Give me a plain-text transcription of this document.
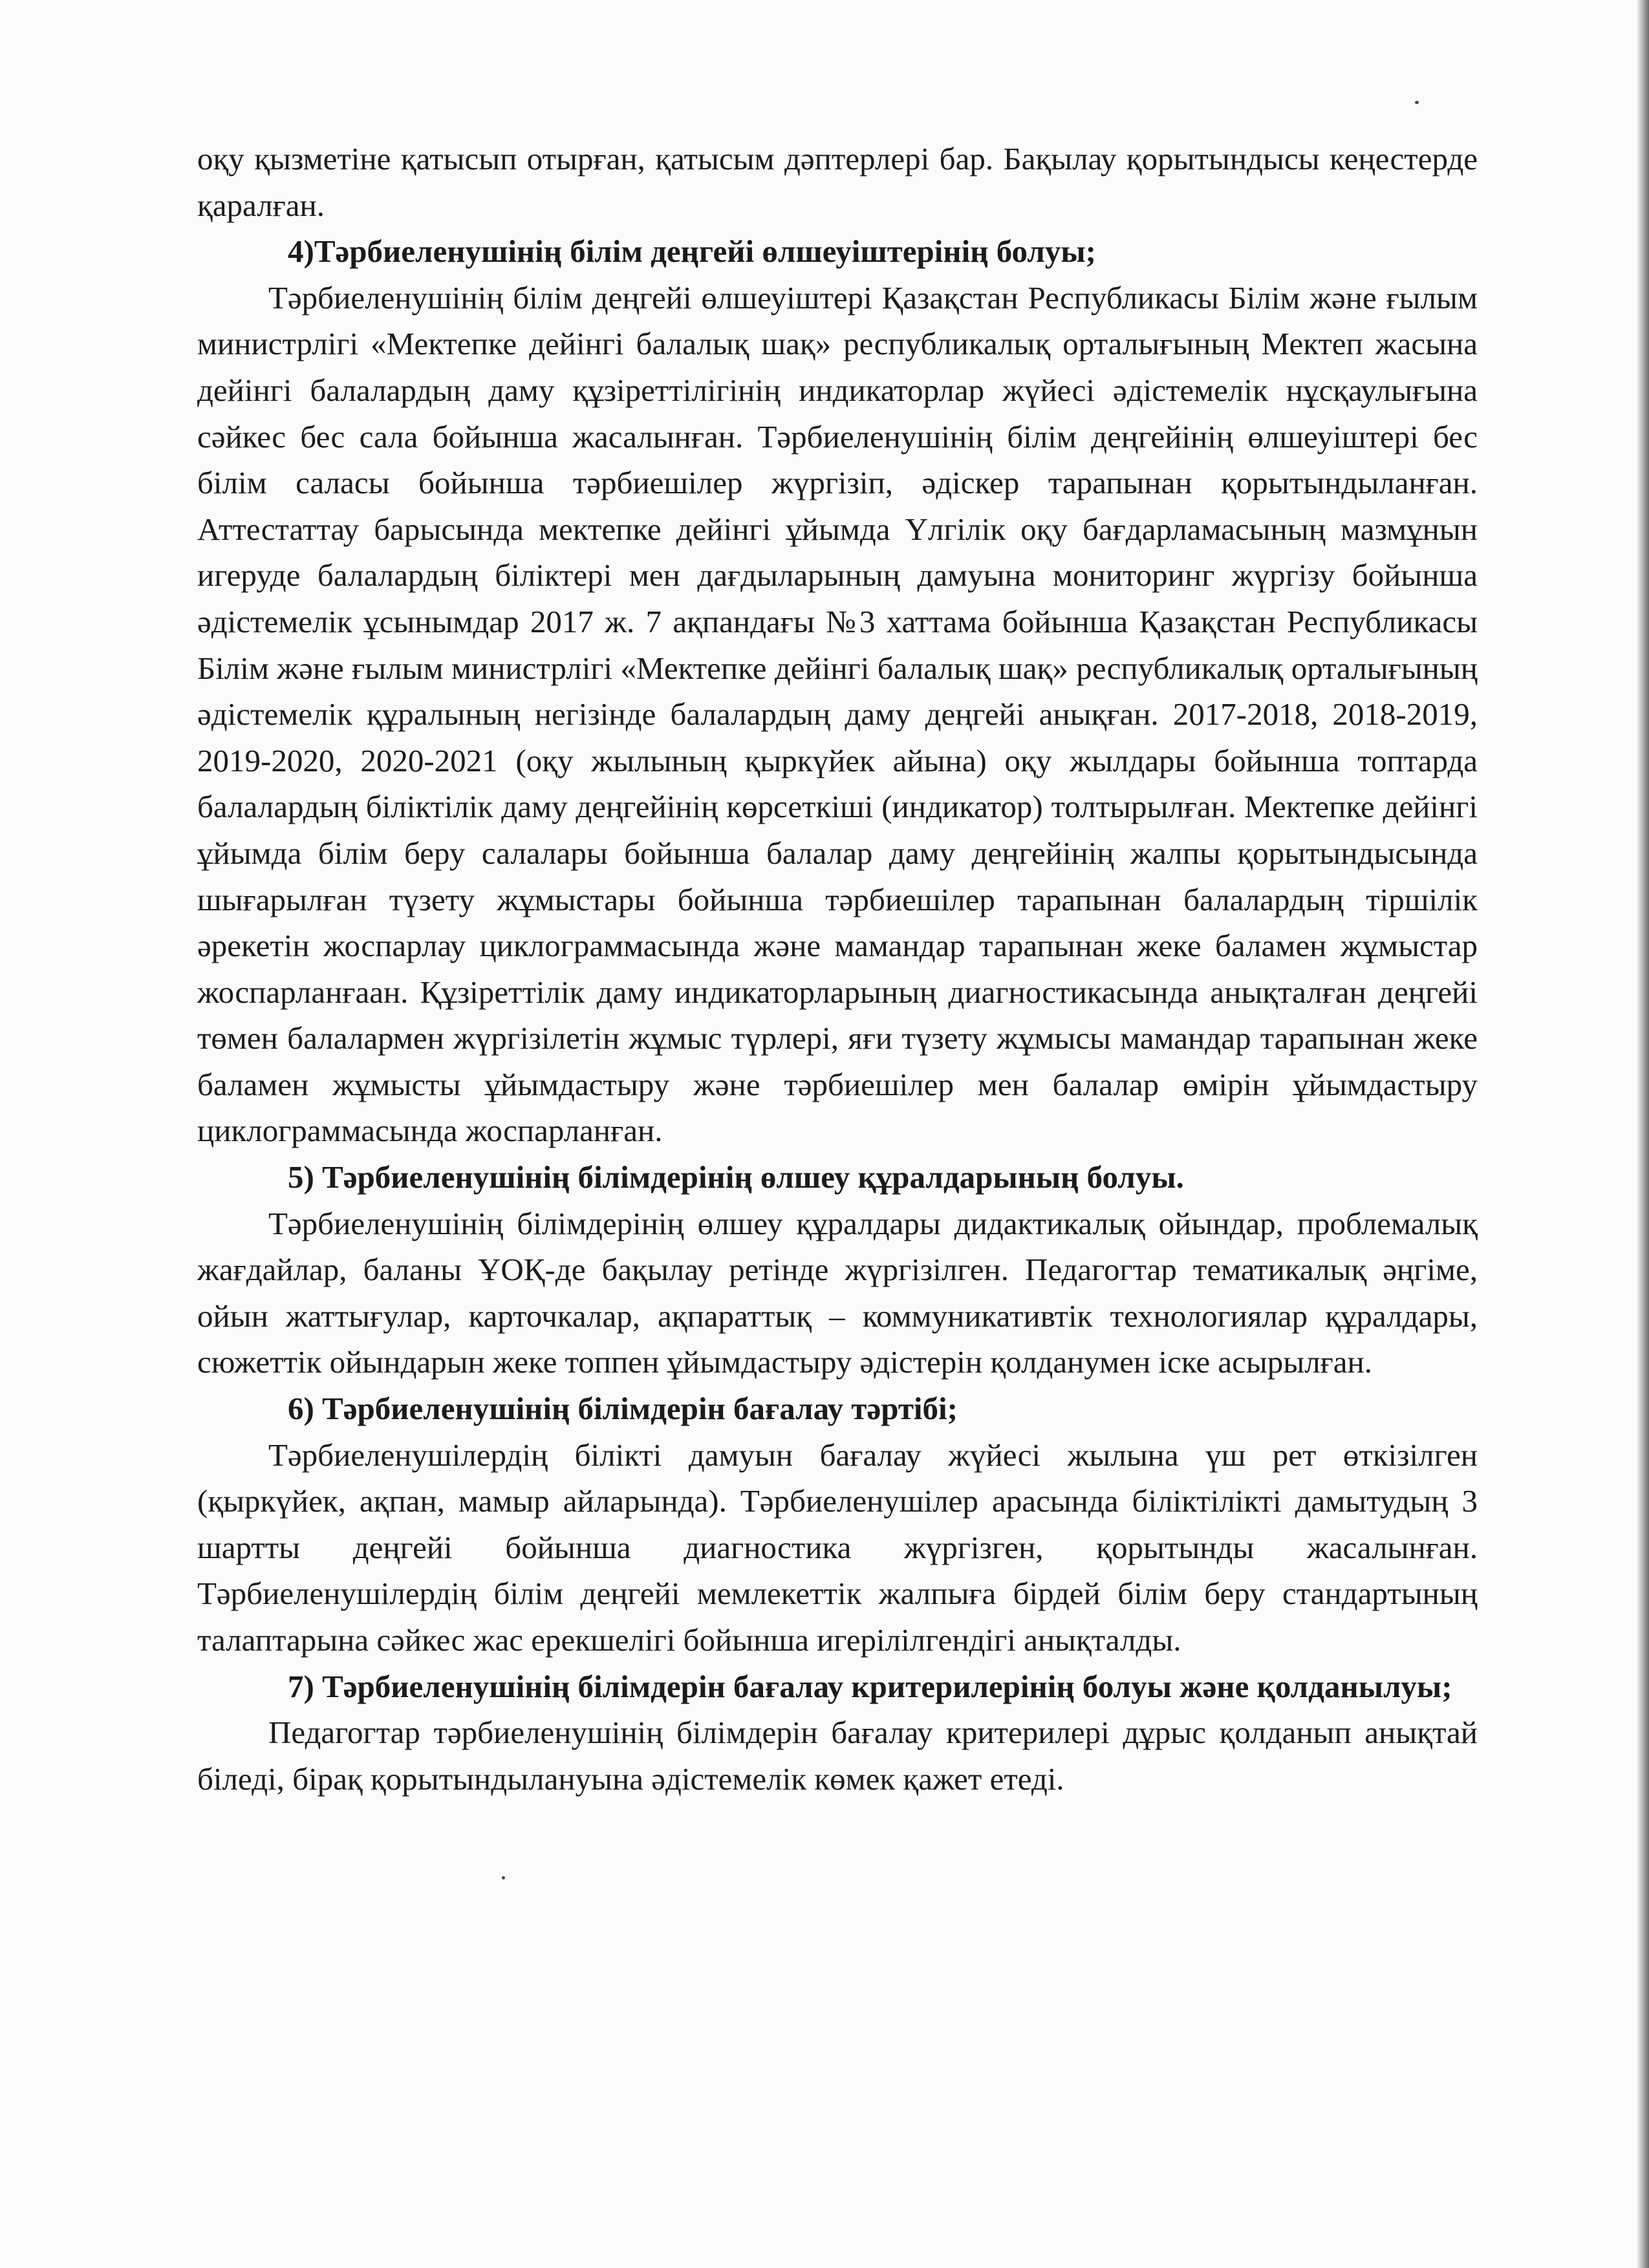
оқу қызметіне қатысып отырған, қатысым дәптерлері бар. Бақылау қорытындысы кеңестерде қаралған.

4)Тәрбиеленушінің білім деңгейі өлшеуіштерінің болуы;

Тәрбиеленушінің білім деңгейі өлшеуіштері Қазақстан Республикасы Білім және ғылым министрлігі «Мектепке дейінгі балалық шақ» республикалық орталығының Мектеп жасына дейінгі балалардың даму құзіреттілігінің индикаторлар жүйесі әдістемелік нұсқаулығына сәйкес бес сала бойынша жасалынған. Тәрбиеленушінің білім деңгейінің өлшеуіштері бес білім саласы бойынша тәрбиешілер жүргізіп, әдіскер тарапынан қорытындыланған. Аттестаттау барысында мектепке дейінгі ұйымда Үлгілік оқу бағдарламасының мазмұнын игеруде балалардың біліктері мен дағдыларының дамуына мониторинг жүргізу бойынша әдістемелік ұсынымдар 2017 ж. 7 ақпандағы №3 хаттама бойынша Қазақстан Республикасы Білім және ғылым министрлігі «Мектепке дейінгі балалық шақ» республикалық орталығының әдістемелік құралының негізінде балалардың даму деңгейі анықған. 2017-2018, 2018-2019, 2019-2020, 2020-2021 (оқу жылының қыркүйек айына) оқу жылдары бойынша топтарда балалардың біліктілік даму деңгейінің көрсеткіші (индикатор) толтырылған. Мектепке дейінгі ұйымда білім беру салалары бойынша балалар даму деңгейінің жалпы қорытындысында шығарылған түзету жұмыстары бойынша тәрбиешілер тарапынан балалардың тіршілік әрекетін жоспарлау циклограммасында және мамандар тарапынан жеке баламен жұмыстар жоспарланғаан. Құзіреттілік даму индикаторларының диагностикасында анықталған деңгейі төмен балалармен жүргізілетін жұмыс түрлері, яғи түзету жұмысы мамандар тарапынан жеке баламен жұмысты ұйымдастыру және тәрбиешілер мен балалар өмірін ұйымдастыру циклограммасында жоспарланған.

5) Тәрбиеленушінің білімдерінің өлшеу құралдарының болуы.

Тәрбиеленушінің білімдерінің өлшеу құралдары дидактикалық ойындар, проблемалық жағдайлар, баланы ҰОҚ-де бақылау ретінде жүргізілген. Педагогтар тематикалық әңгіме, ойын жаттығулар, карточкалар, ақпараттық – коммуникативтік технологиялар құралдары, сюжеттік ойындарын жеке топпен ұйымдастыру әдістерін қолданумен іске асырылған.

6) Тәрбиеленушінің білімдерін бағалау тәртібі;

Тәрбиеленушілердің білікті дамуын бағалау жүйесі жылына үш рет өткізілген (қыркүйек, ақпан, мамыр айларында). Тәрбиеленушілер арасында біліктілікті дамытудың 3 шартты деңгейі бойынша диагностика жүргізген, қорытынды жасалынған. Тәрбиеленушілердің білім деңгейі мемлекеттік жалпыға бірдей білім беру стандартының талаптарына сәйкес жас ерекшелігі бойынша игерілілгендігі анықталды.

7) Тәрбиеленушінің білімдерін бағалау критерилерінің болуы және қолданылуы;

Педагогтар тәрбиеленушінің білімдерін бағалау критерилері дұрыс қолданып анықтай біледі, бірақ қорытындылануына әдістемелік көмек қажет етеді.
